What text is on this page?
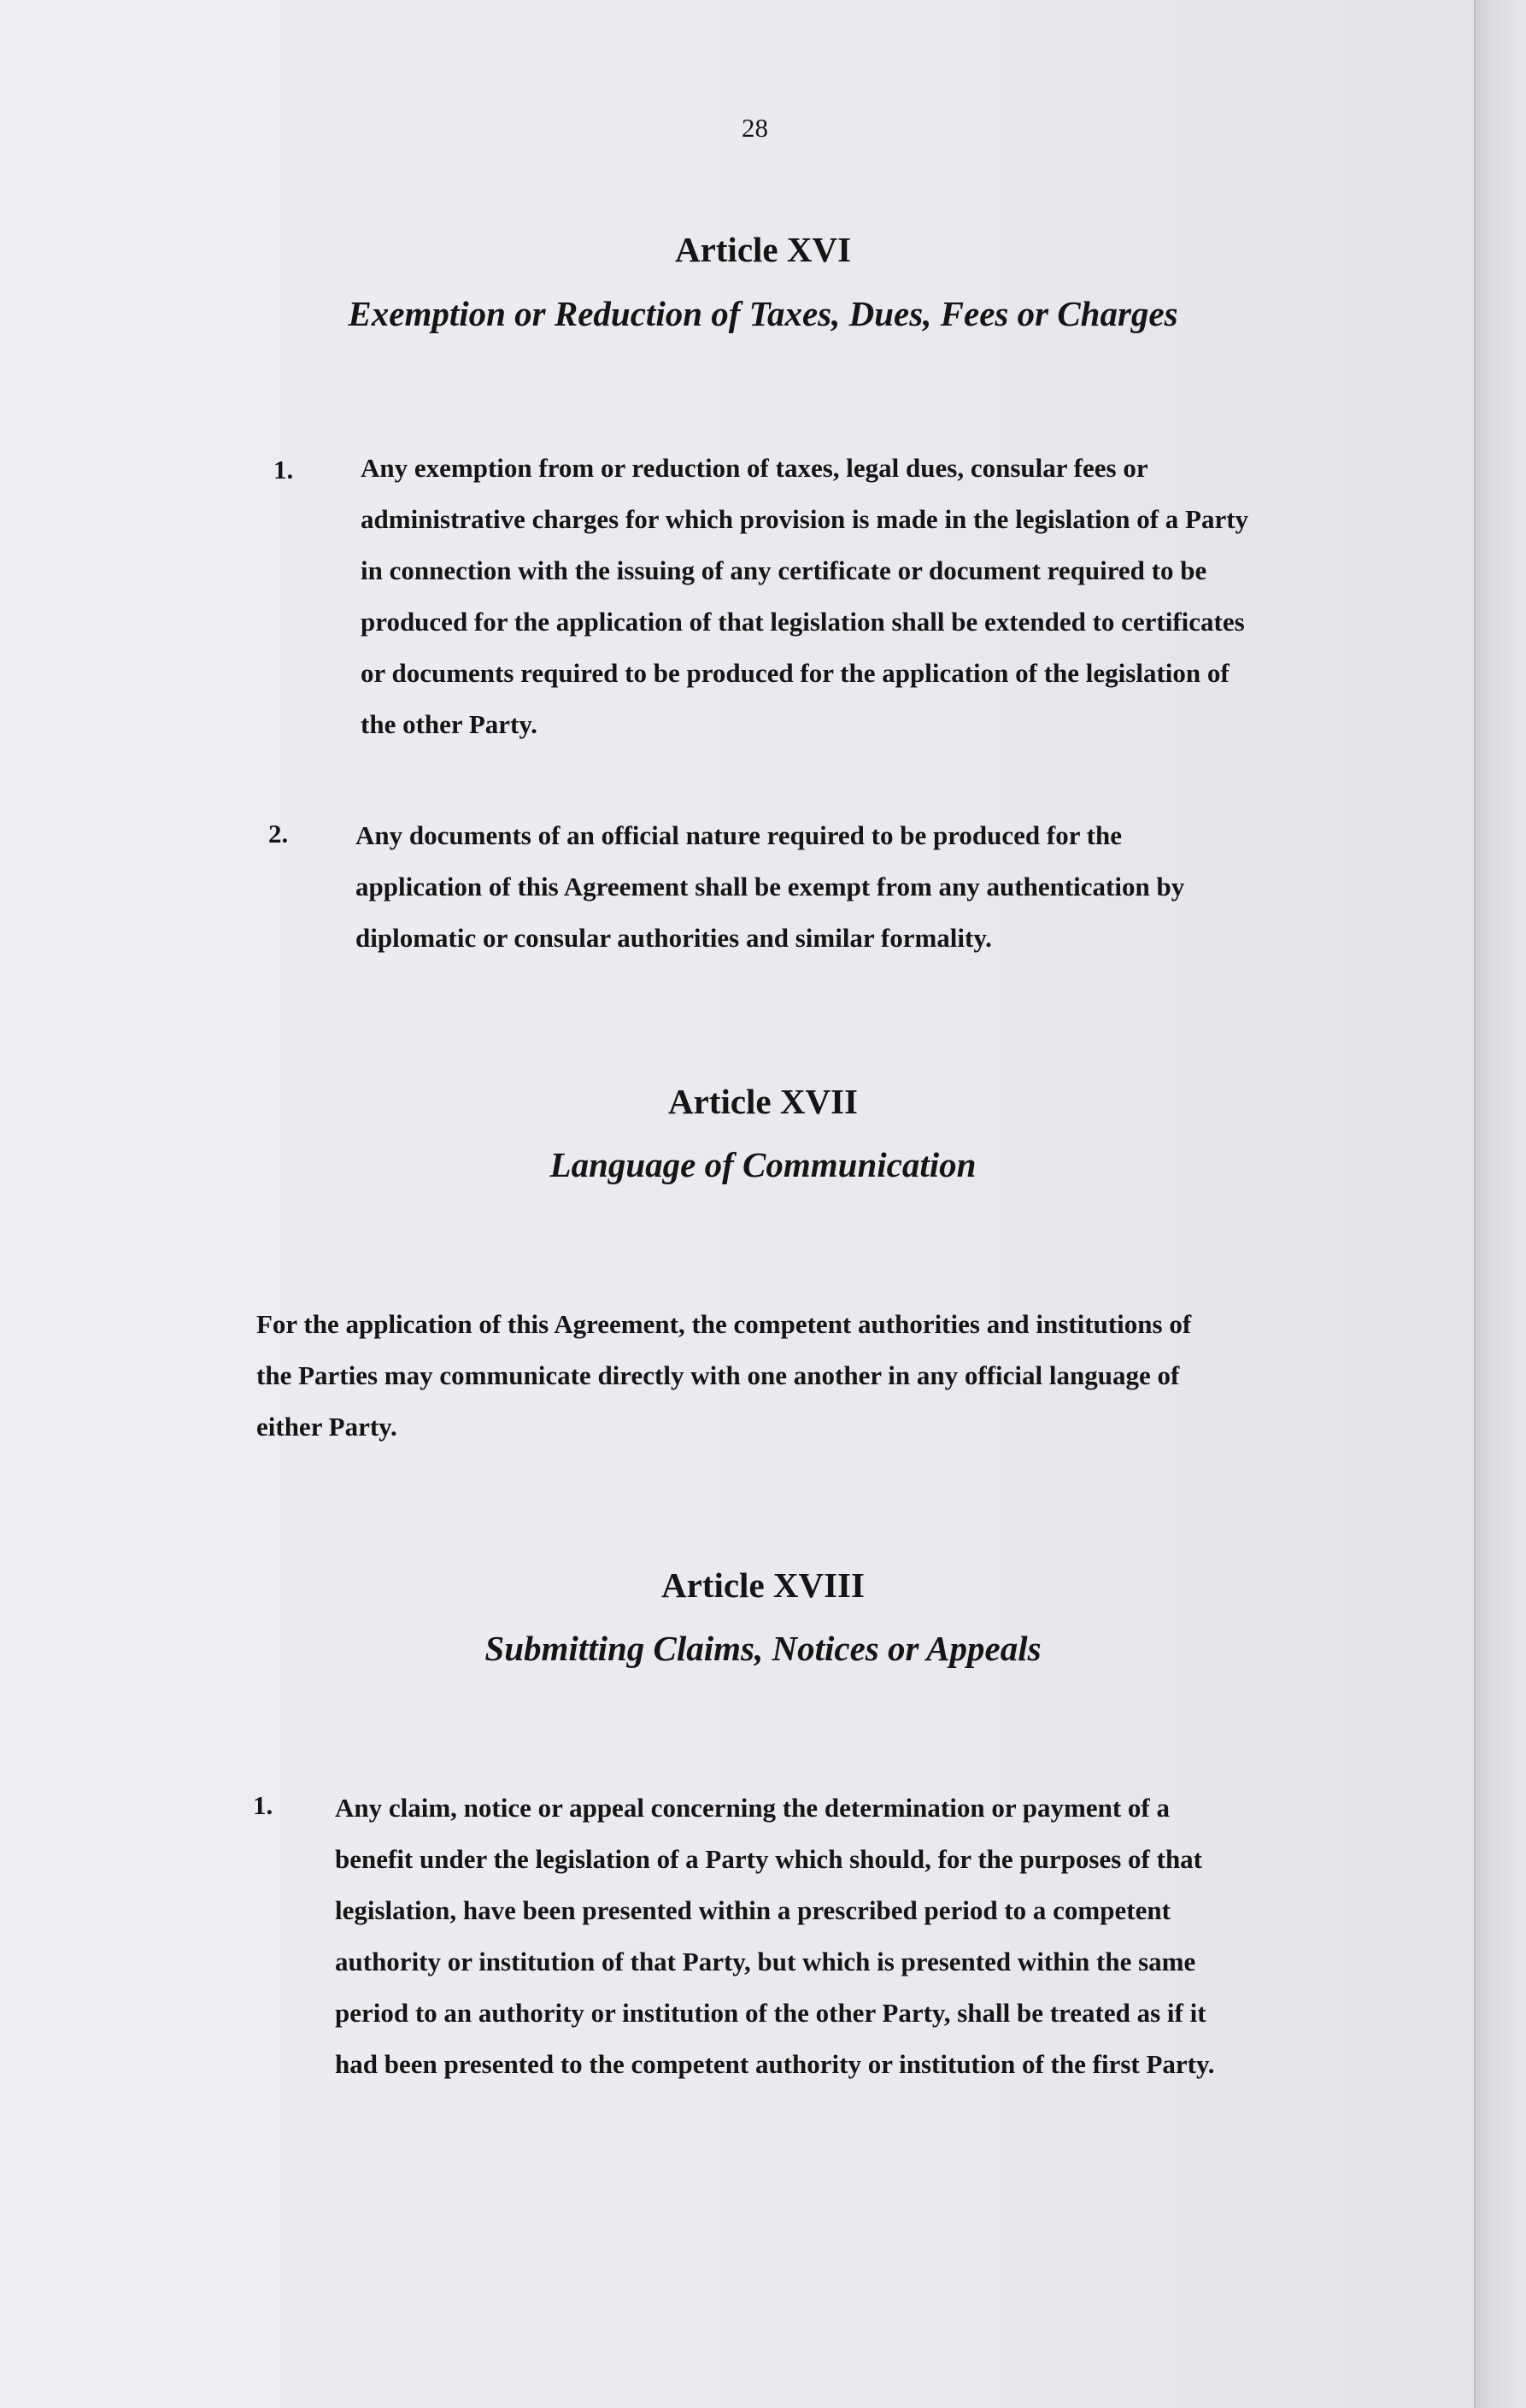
28
Article XVI
Exemption or Reduction of Taxes, Dues, Fees or Charges
1.	Any exemption from or reduction of taxes, legal dues, consular fees or administrative charges for which provision is made in the legislation of a Party in connection with the issuing of any certificate or document required to be produced for the application of that legislation shall be extended to certificates or documents required to be produced for the application of the legislation of the other Party.

2.	Any documents of an official nature required to be produced for the application of this Agreement shall be exempt from any authentication by diplomatic or consular authorities and similar formality.

Article XVII
Language of Communication

For the application of this Agreement, the competent authorities and institutions of the Parties may communicate directly with one another in any official language of either Party.

Article XVIII
Submitting Claims, Notices or Appeals
1. Any claim, notice or appeal concerning the determination or payment of a benefit under the legislation of a Party which should, for the purposes of that legislation, have been presented within a prescribed period to a competent authority or institution of that Party, but which is presented within the same period to an authority or institution of the other Party, shall be treated as if it had been presented to the competent authority or institution of the first Party.
